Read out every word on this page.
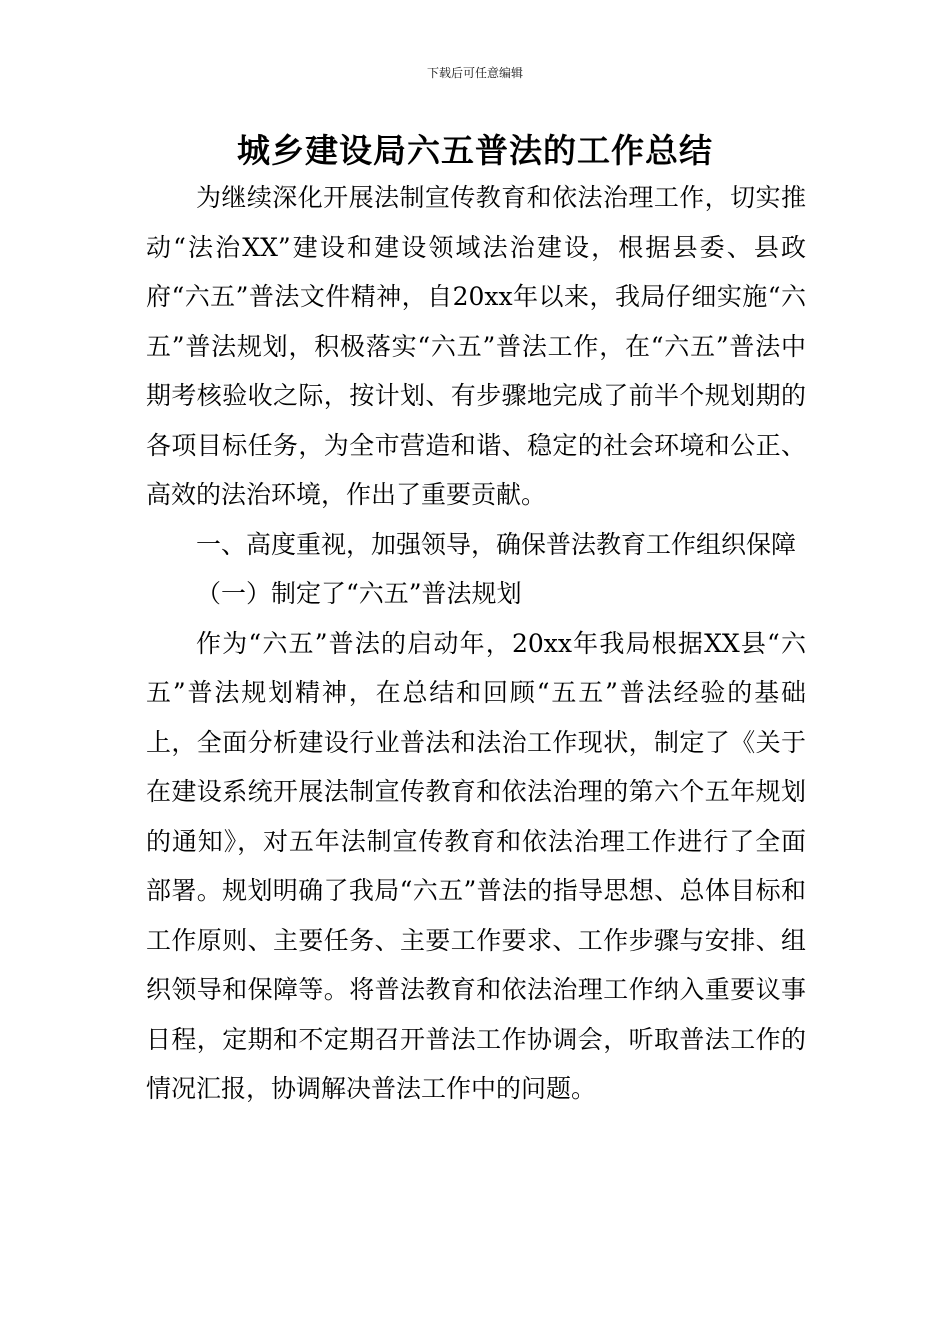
下载后可任意编辑
城乡建设局六五普法的工作总结

为继续深化开展法制宣传教育和依法治理工作，切实推动“法治XX”建设和建设领域法治建设，根据县委、县政府“六五”普法文件精神，自20xx年以来，我局仔细实施“六五”普法规划，积极落实“六五”普法工作，在“六五”普法中期考核验收之际，按计划、有步骤地完成了前半个规划期的各项目标任务，为全市营造和谐、稳定的社会环境和公正、高效的法治环境，作出了重要贡献。

一、高度重视，加强领导，确保普法教育工作组织保障

（一）制定了“六五”普法规划

作为“六五”普法的启动年，20xx年我局根据XX县“六五”普法规划精神，在总结和回顾“五五”普法经验的基础上，全面分析建设行业普法和法治工作现状，制定了《关于在建设系统开展法制宣传教育和依法治理的第六个五年规划的通知》，对五年法制宣传教育和依法治理工作进行了全面部署。规划明确了我局“六五”普法的指导思想、总体目标和工作原则、主要任务、主要工作要求、工作步骤与安排、组织领导和保障等。将普法教育和依法治理工作纳入重要议事日程，定期和不定期召开普法工作协调会，听取普法工作的情况汇报，协调解决普法工作中的问题。
